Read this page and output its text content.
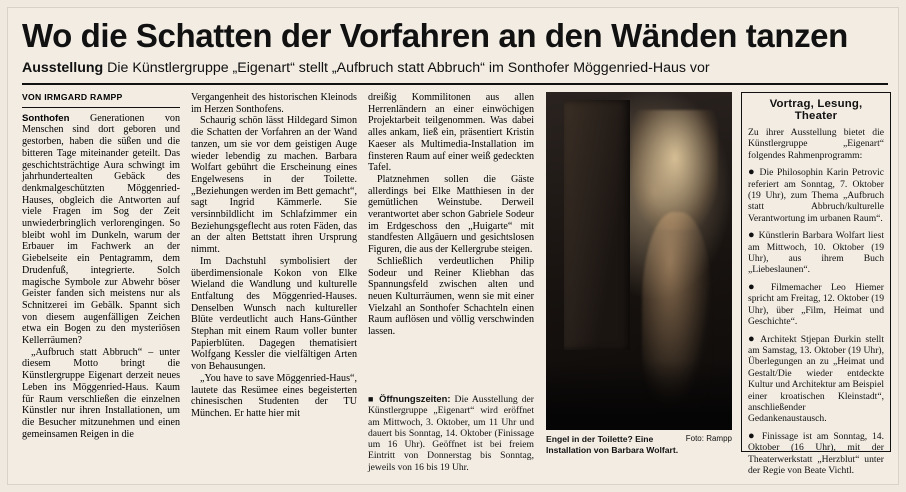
Wo die Schatten der Vorfahren an den Wänden tanzen
Ausstellung Die Künstlergruppe „Eigenart“ stellt „Aufbruch statt Abbruch“ im Sonthofer Möggenried-Haus vor
VON IRMGARD RAMPP

Sonthofen Generationen von Menschen sind dort geboren und gestorben, haben die süßen und die bitteren Tage miteinander geteilt. Das geschichtsträchtige Aura schwingt im jahrhundertealten Gebäck des denkmalgeschützten Möggenried-Hauses, obgleich die Antworten auf viele Fragen im Sog der Zeit unwiederbringlich verlorengingen. So bleibt wohl im Dunkeln, warum der Erbauer im Fachwerk an der Giebelseite ein Pentagramm, dem Drudenfuß, integrierte. Solch magische Symbole zur Abwehr böser Geister fanden sich meistens nur als Schnitzerei im Gebälk. Spannt sich von diesem augenfälligen Zeichen etwa ein Bogen zu den mysteriösen Kellerräumen?

„Aufbruch statt Abbruch“ – unter diesem Motto bringt die Künstlergruppe Eigenart derzeit neues Leben ins Möggenried-Haus. Kaum für Raum verschließen die einzelnen Künstler nur ihren Installationen, um die Besucher mitzunehmen und einen gemeinsamen Reigen in die

Vergangenheit des historischen Kleinods im Herzen Sonthofens.

Schaurig schön lässt Hildegard Simon die Schatten der Vorfahren an der Wand tanzen, um sie vor dem geistigen Auge wieder lebendig zu machen. Barbara Wolfart gebührt die Erscheinung eines Engelwesens in der Toilette. „Beziehungen werden im Bett gemacht“, sagt Ingrid Kämmerle. Sie versinnbildlicht im Schlafzimmer ein Beziehungsgeflecht aus roten Fäden, das an der alten Bettstatt ihren Ursprung nimmt.

Im Dachstuhl symbolisiert der überdimensionale Kokon von Elke Wieland die Wandlung und kulturelle Entfaltung des Möggenried-Hauses. Denselben Wunsch nach kultureller Blüte verdeutlicht auch Hans-Günther Stephan mit einem Raum voller bunter Papierblüten. Dagegen thematisiert Wolfgang Kessler die vielfältigen Arten von Behausungen.

„You have to save Möggenried-Haus“, lautete das Resümee eines begeisterten chinesischen Studenten der TU München. Er hatte hier mit

dreißig Kommilitonen aus allen Herrenländern an einer einwöchigen Projektarbeit teilgenommen. Was dabei alles ankam, ließ ein, präsentiert Kristin Kaeser als Multimedia-Installation im finsteren Raum auf einer weiß gedeckten Tafel.

Platznehmen sollen die Gäste allerdings bei Elke Matthiesen in der gemütlichen Weinstube. Derweil verantwortet aber schon Gabriele Sodeur im Erdgeschoss den „Huigarte“ mit standfesten Allgäuern und gesichtslosen Figuren, die aus der Kellergrube steigen.

Schließlich verdeutlichen Philip Sodeur und Reiner Kliebhan das Spannungsfeld zwischen alten und neuen Kulturräumen, wenn sie mit einer Vielzahl an Sonthofer Schachteln einen Raum auflösen und völlig verschwinden lassen.

■ Öffnungszeiten: Die Ausstellung der Künstlergruppe „Eigenart“ wird eröffnet am Mittwoch, 3. Oktober, um 11 Uhr und dauert bis Sonntag, 14. Oktober (Finissage um 16 Uhr). Geöffnet ist bei freiem Eintritt von Donnerstag bis Sonntag, jeweils von 16 bis 19 Uhr.
Foto: Rampp
Engel in der Toilette? Eine Installation von Barbara Wolfart.
Vortrag, Lesung, Theater

Zu ihrer Ausstellung bietet die Künstlergruppe „Eigenart“ folgendes Rahmenprogramm:

● Die Philosophin Karin Petrovic referiert am Sonntag, 7. Oktober (19 Uhr), zum Thema „Aufbruch statt Abbruch/kulturelle Verantwortung im urbanen Raum“.

● Künstlerin Barbara Wolfart liest am Mittwoch, 10. Oktober (19 Uhr), aus ihrem Buch „Liebeslaunen“.

● Filmemacher Leo Hiemer spricht am Freitag, 12. Oktober (19 Uhr), über „Film, Heimat und Geschichte“.

● Architekt Stjepan Đurkin stellt am Samstag, 13. Oktober (19 Uhr), Überlegungen an zu „Heimat und Gestalt/Die wieder entdeckte Kultur und Architektur am Beispiel einer kroatischen Kleinstadt“, anschließender Gedankenaustausch.

● Finissage ist am Sonntag, 14. Oktober (16 Uhr), mit der Theaterwerkstatt „Herzblut“ unter der Regie von Beate Vichtl.
